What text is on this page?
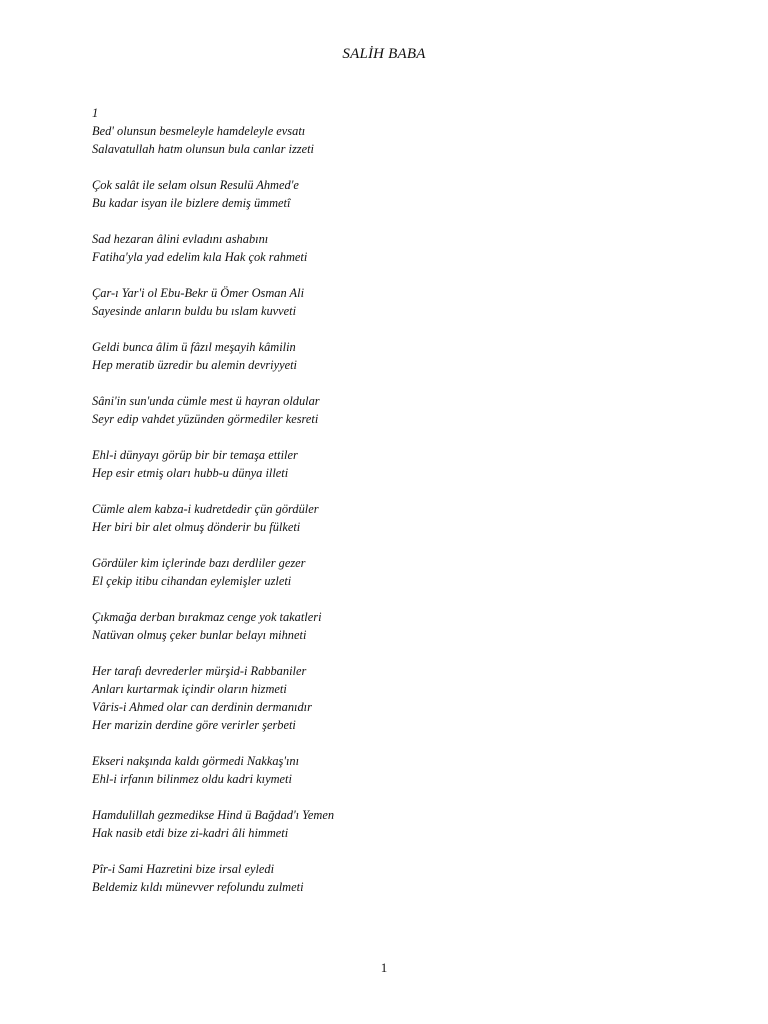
SALİH BABA
1
Bed' olunsun besmeleyle hamdeleyle evsatı
Salavatullah hatm olunsun bula canlar izzeti
Çok salât ile selam olsun Resulü Ahmed'e
Bu kadar isyan ile bizlere demiş ümmetî
Sad hezaran âlini evladını ashabını
Fatiha'yla yad edelim kıla Hak çok rahmeti
Çar-ı Yar'i ol Ebu-Bekr ü Ömer Osman Ali
Sayesinde anların buldu bu ıslam kuvveti
Geldi bunca âlim ü fâzıl meşayih kâmilin
Hep meratib üzredir bu alemin devriyyeti
Sâni'in sun'unda cümle mest ü hayran oldular
Seyr edip vahdet yüzünden görmediler kesreti
Ehl-i dünyayı görüp bir bir temaşa ettiler
Hep esir etmiş oları hubb-u dünya illeti
Cümle alem kabza-i kudretdedir çün gördüler
Her biri bir alet olmuş dönderir bu fülketi
Gördüler kim içlerinde bazı derdliler gezer
El çekip itibu cihandan eylemişler uzleti
Çıkmağa derban bırakmaz cenge yok takatleri
Natüvan olmuş çeker bunlar belayı mihneti
Her tarafı devrederler mürşid-i Rabbaniler
Anları kurtarmak içindir oların hizmeti
Vâris-i Ahmed olar can derdinin dermanıdır
Her marizin derdine göre verirler şerbeti
Ekseri nakşında kaldı görmedi Nakkaş'ını
Ehl-i irfanın bilinmez oldu kadri kıymeti
Hamdulillah gezmedikse Hind ü Bağdad'ı Yemen
Hak nasib etdi bize zi-kadri âli himmeti
Pîr-i Sami Hazretini bize irsal eyledi
Beldemiz kıldı münevver refolundu zulmeti
1
